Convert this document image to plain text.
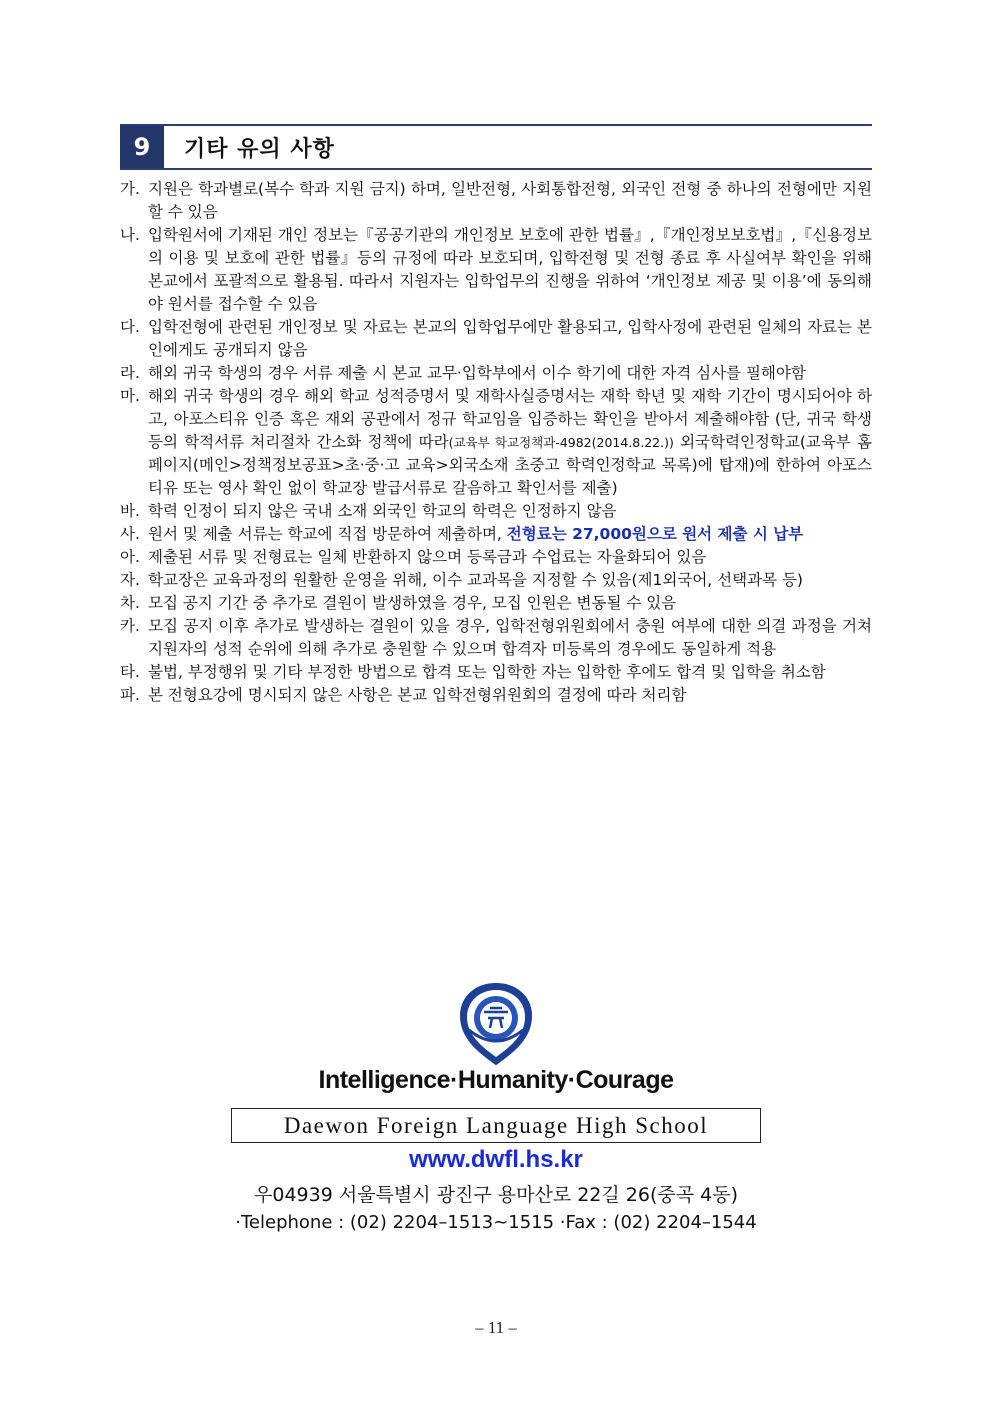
9	기타 유의 사항
가. 지원은 학과별로(복수 학과 지원 금지) 하며, 일반전형, 사회통합전형, 외국인 전형 중 하나의 전형에만 지원할 수 있음
나. 입학원서에 기재된 개인 정보는『공공기관의 개인정보 보호에 관한 법률』,『개인정보보호법』,『신용정보의 이용 및 보호에 관한 법률』등의 규정에 따라 보호되며, 입학전형 및 전형 종료 후 사실여부 확인을 위해 본교에서 포괄적으로 활용됨. 따라서 지원자는 입학업무의 진행을 위하여 ‘개인정보 제공 및 이용’에 동의해야 원서를 접수할 수 있음
다. 입학전형에 관련된 개인정보 및 자료는 본교의 입학업무에만 활용되고, 입학사정에 관련된 일체의 자료는 본인에게도 공개되지 않음
라. 해외 귀국 학생의 경우 서류 제출 시 본교 교무·입학부에서 이수 학기에 대한 자격 심사를 필해야함
마. 해외 귀국 학생의 경우 해외 학교 성적증명서 및 재학사실증명서는 재학 학년 및 재학 기간이 명시되어야 하고, 아포스티유 인증 혹은 재외 공관에서 정규 학교임을 입증하는 확인을 받아서 제출해야함 (단, 귀국 학생 등의 학적서류 처리절차 간소화 정책에 따라(교육부 학교정책과-4982(2014.8.22.)) 외국학력인정학교(교육부 홈페이지(메인>정책정보공표>초·중·고 교육>외국소재 초중고 학력인정학교 목록)에 탑재)에 한하여 아포스티유 또는 영사 확인 없이 학교장 발급서류로 갈음하고 확인서를 제출)
바. 학력 인정이 되지 않은 국내 소재 외국인 학교의 학력은 인정하지 않음
사. 원서 및 제출 서류는 학교에 직접 방문하여 제출하며, 전형료는 27,000원으로 원서 제출 시 납부
아. 제출된 서류 및 전형료는 일체 반환하지 않으며 등록금과 수업료는 자율화되어 있음
자. 학교장은 교육과정의 원활한 운영을 위해, 이수 교과목을 지정할 수 있음(제1외국어, 선택과목 등)
차. 모집 공지 기간 중 추가로 결원이 발생하였을 경우, 모집 인원은 변동될 수 있음
카. 모집 공지 이후 추가로 발생하는 결원이 있을 경우, 입학전형위원회에서 충원 여부에 대한 의결 과정을 거쳐 지원자의 성적 순위에 의해 추가로 충원할 수 있으며 합격자 미등록의 경우에도 동일하게 적용
타. 불법, 부정행위 및 기타 부정한 방법으로 합격 또는 입학한 자는 입학한 후에도 합격 및 입학을 취소함
파. 본 전형요강에 명시되지 않은 사항은 본교 입학전형위원회의 결정에 따라 처리함
Intelligence·Humanity·Courage
Daewon Foreign Language High School
www.dwfl.hs.kr
우04939 서울특별시 광진구 용마산로 22길 26(중곡 4동)
·Telephone : (02) 2204–1513~1515 ·Fax : (02) 2204–1544
– 11 –
